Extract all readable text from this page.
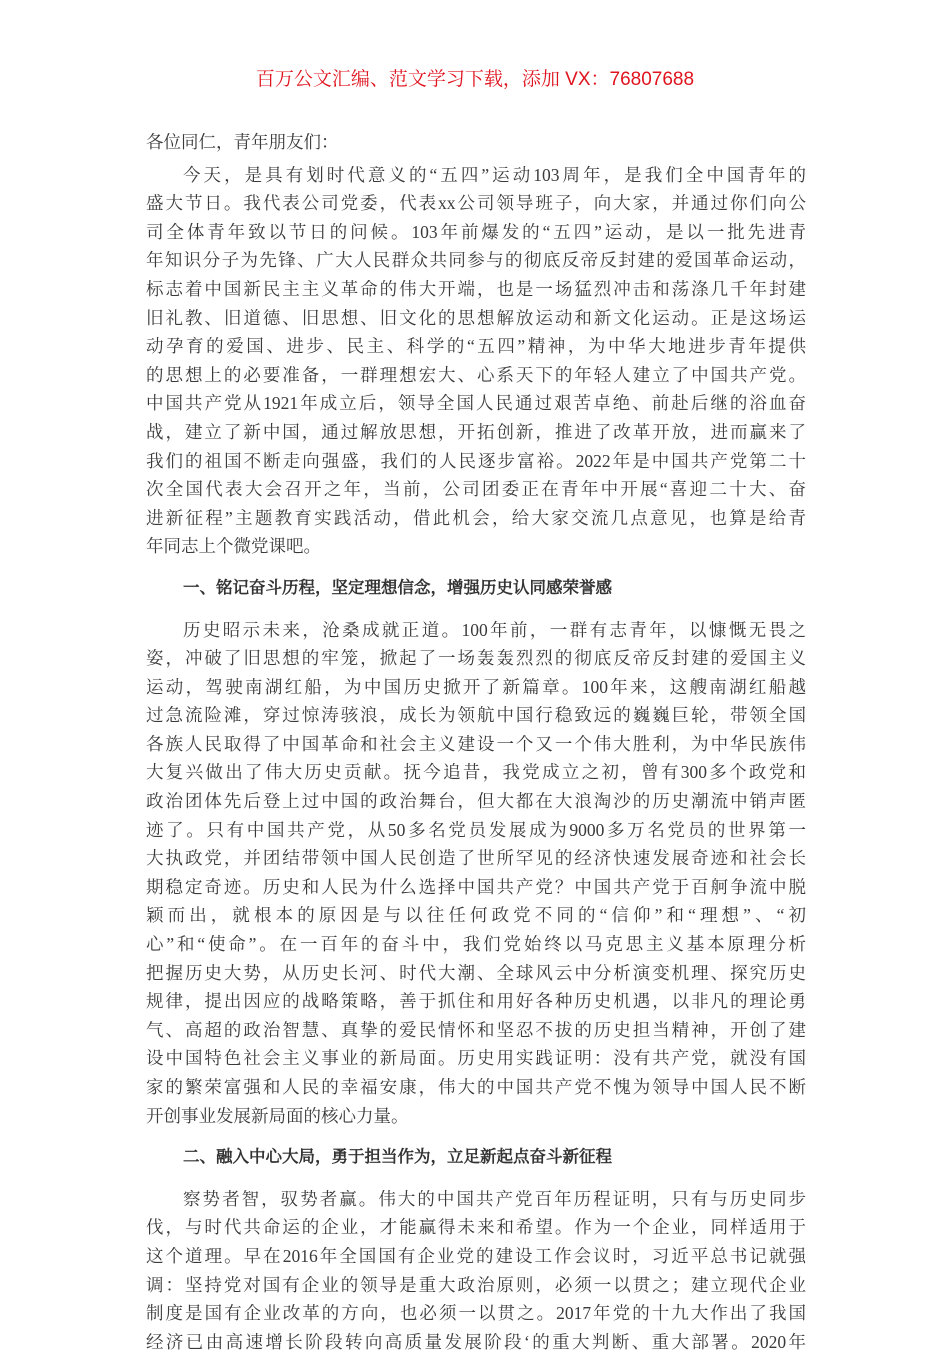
百万公文汇编、范文学习下载，添加 VX：76807688
各位同仁，青年朋友们：
今天，是具有划时代意义的“五四”运动103周年，是我们全中国青年的
盛大节日。我代表公司党委，代表xx公司领导班子，向大家，并通过你们向公
司全体青年致以节日的问候。103年前爆发的“五四”运动，是以一批先进青
年知识分子为先锋、广大人民群众共同参与的彻底反帝反封建的爱国革命运动，
标志着中国新民主主义革命的伟大开端，也是一场猛烈冲击和荡涤几千年封建
旧礼教、旧道德、旧思想、旧文化的思想解放运动和新文化运动。正是这场运
动孕育的爱国、进步、民主、科学的“五四”精神，为中华大地进步青年提供
的思想上的必要准备，一群理想宏大、心系天下的年轻人建立了中国共产党。
中国共产党从1921年成立后，领导全国人民通过艰苦卓绝、前赴后继的浴血奋
战，建立了新中国，通过解放思想，开拓创新，推进了改革开放，进而赢来了
我们的祖国不断走向强盛，我们的人民逐步富裕。2022年是中国共产党第二十
次全国代表大会召开之年，当前，公司团委正在青年中开展“喜迎二十大、奋
进新征程”主题教育实践活动，借此机会，给大家交流几点意见，也算是给青
年同志上个微党课吧。
一、铭记奋斗历程，坚定理想信念，增强历史认同感荣誉感
历史昭示未来，沧桑成就正道。100年前，一群有志青年，以慷慨无畏之
姿，冲破了旧思想的牢笼，掀起了一场轰轰烈烈的彻底反帝反封建的爱国主义
运动，驾驶南湖红船，为中国历史掀开了新篇章。100年来，这艘南湖红船越
过急流险滩，穿过惊涛骇浪，成长为领航中国行稳致远的巍巍巨轮，带领全国
各族人民取得了中国革命和社会主义建设一个又一个伟大胜利，为中华民族伟
大复兴做出了伟大历史贡献。抚今追昔，我党成立之初，曾有300多个政党和
政治团体先后登上过中国的政治舞台，但大都在大浪淘沙的历史潮流中销声匿
迹了。只有中国共产党，从50多名党员发展成为9000多万名党员的世界第一
大执政党，并团结带领中国人民创造了世所罕见的经济快速发展奇迹和社会长
期稳定奇迹。历史和人民为什么选择中国共产党？中国共产党于百舸争流中脱
颖而出，就根本的原因是与以往任何政党不同的“信仰”和“理想”、“初
心”和“使命”。在一百年的奋斗中，我们党始终以马克思主义基本原理分析
把握历史大势，从历史长河、时代大潮、全球风云中分析演变机理、探究历史
规律，提出因应的战略策略，善于抓住和用好各种历史机遇，以非凡的理论勇
气、高超的政治智慧、真挚的爱民情怀和坚忍不拔的历史担当精神，开创了建
设中国特色社会主义事业的新局面。历史用实践证明：没有共产党，就没有国
家的繁荣富强和人民的幸福安康，伟大的中国共产党不愧为领导中国人民不断
开创事业发展新局面的核心力量。
二、融入中心大局，勇于担当作为，立足新起点奋斗新征程
察势者智，驭势者赢。伟大的中国共产党百年历程证明，只有与历史同步
伐，与时代共命运的企业，才能赢得未来和希望。作为一个企业，同样适用于
这个道理。早在2016年全国国有企业党的建设工作会议时，习近平总书记就强
调：坚持党对国有企业的领导是重大政治原则，必须一以贯之；建立现代企业
制度是国有企业改革的方向，也必须一以贯之。2017年党的十九大作出了我国
经济已由高速增长阶段转向高质量发展阶段‘的重大判断、重大部署。2020年
